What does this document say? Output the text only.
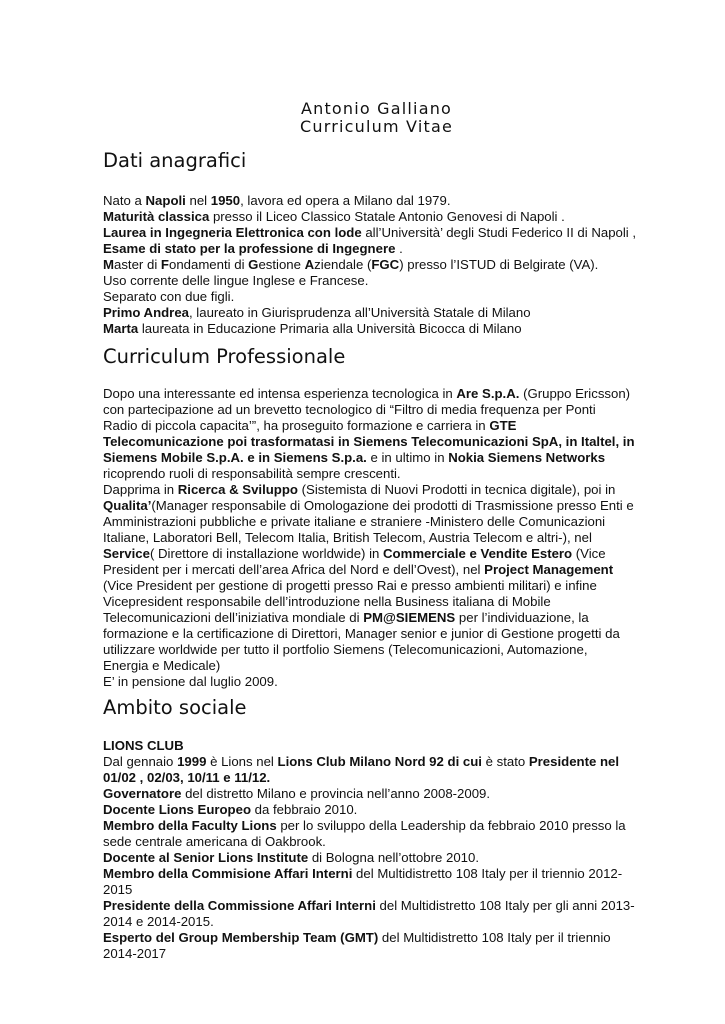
Antonio Galliano
Curriculum Vitae
Dati anagrafici

Nato a Napoli nel 1950, lavora ed opera a Milano dal 1979.

Maturità classica presso il Liceo Classico Statale Antonio Genovesi di Napoli .

Laurea in Ingegneria Elettronica con lode all’Università’ degli Studi Federico II di Napoli ,

Esame di stato per la professione di Ingegnere .

Master di Fondamenti di Gestione Aziendale (FGC) presso l’ISTUD di Belgirate (VA).

Uso corrente delle lingue Inglese e Francese.

Separato con due figli.

Primo Andrea, laureato in Giurisprudenza all’Università Statale di Milano

Marta laureata in Educazione Primaria alla Università Bicocca di Milano

Curriculum Professionale

Dopo una interessante ed intensa esperienza tecnologica in Are S.p.A. (Gruppo Ericsson)

con partecipazione ad un brevetto tecnologico di “Filtro di media frequenza per Ponti

Radio di piccola capacita’”, ha proseguito formazione e carriera in GTE

Telecomunicazione poi trasformatasi in Siemens Telecomunicazioni SpA, in Italtel, in

Siemens Mobile S.p.A. e in Siemens S.p.a. e in ultimo in Nokia Siemens Networks

ricoprendo ruoli di responsabilità sempre crescenti.

Dapprima in Ricerca & Sviluppo (Sistemista di Nuovi Prodotti in tecnica digitale), poi in

Qualita’(Manager responsabile di Omologazione dei prodotti di Trasmissione presso Enti e

Amministrazioni pubbliche e private italiane e straniere -Ministero delle Comunicazioni

Italiane, Laboratori Bell, Telecom Italia, British Telecom, Austria Telecom e altri-), nel

Service( Direttore di installazione worldwide) in Commerciale e Vendite Estero (Vice

President per i mercati dell’area Africa del Nord e dell’Ovest), nel Project Management

(Vice President per gestione di progetti presso Rai e presso ambienti militari) e infine

Vicepresident responsabile dell’introduzione nella Business italiana di Mobile

Telecomunicazioni dell’iniziativa mondiale di PM@SIEMENS per l’individuazione, la

formazione e la certificazione di Direttori, Manager senior e junior di Gestione progetti da

utilizzare worldwide per tutto il portfolio Siemens (Telecomunicazioni, Automazione,

Energia e Medicale)

E’ in pensione dal luglio 2009.

Ambito sociale

LIONS CLUB

Dal gennaio 1999 è Lions nel Lions Club Milano Nord 92 di cui è stato Presidente nel

01/02 , 02/03, 10/11 e 11/12.

Governatore del distretto Milano e provincia nell’anno 2008-2009.

Docente Lions Europeo da febbraio 2010.

Membro della Faculty Lions per lo sviluppo della Leadership da febbraio 2010 presso la

sede centrale americana di Oakbrook.

Docente al Senior Lions Institute di Bologna nell’ottobre 2010.

Membro della Commisione Affari Interni del Multidistretto 108 Italy per il triennio 2012-

2015

Presidente della Commissione Affari Interni del Multidistretto 108 Italy per gli anni 2013-

2014 e 2014-2015.

Esperto del Group Membership Team (GMT) del Multidistretto 108 Italy per il triennio

2014-2017
